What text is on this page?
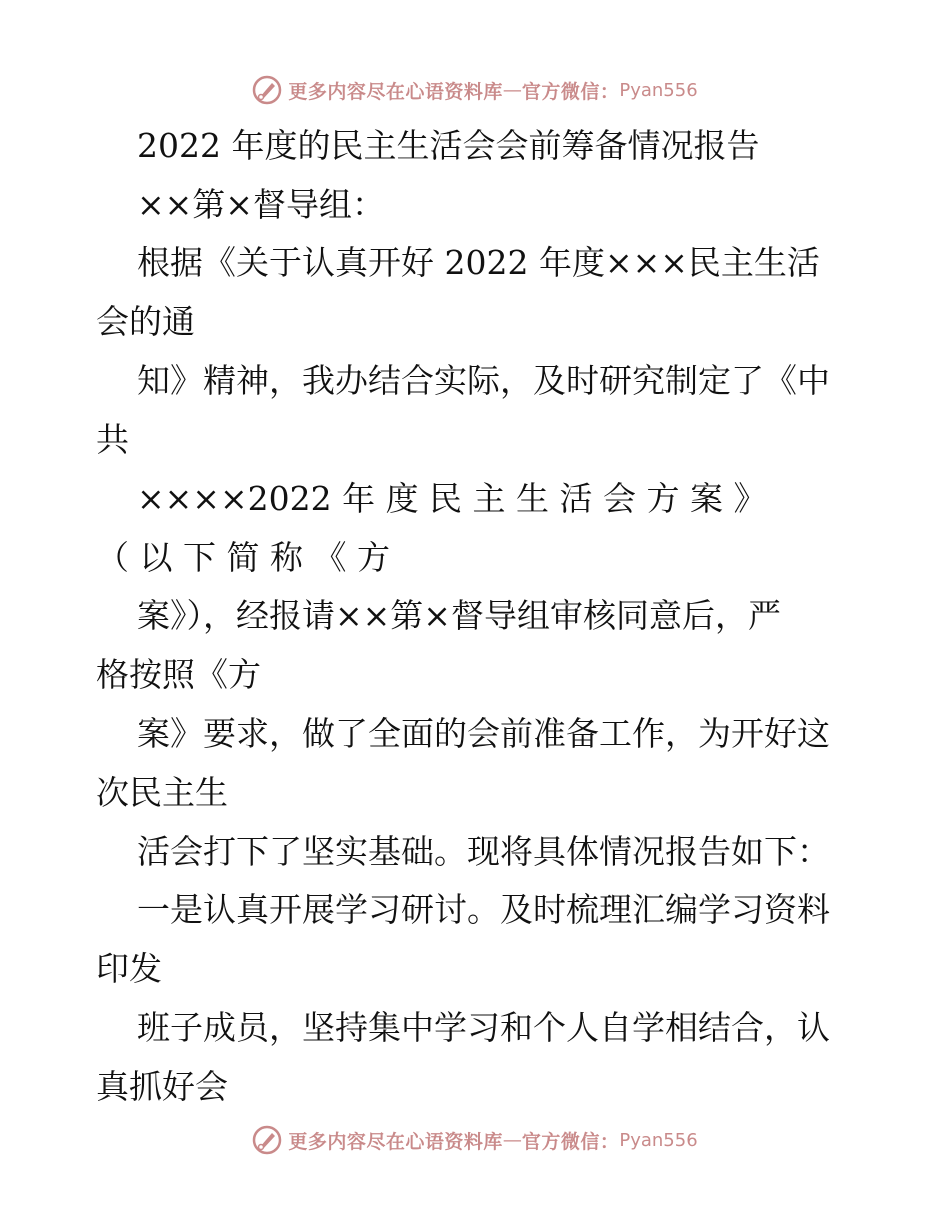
更多内容尽在心语资料库 — 官方微信： Pyan556
2022 年度的民主生活会会前筹备情况报告
××第×督导组：
根据《关于认真开好 2022 年度×××民主生活
会的通
知》精神，我办结合实际，及时研究制定了《中
共
××××2022 年 度 民 主 生 活 会 方 案 》
（ 以 下 简 称 《 方
案》），经报请××第×督导组审核同意后，严
格按照《方
案》要求，做了全面的会前准备工作，为开好这
次民主生
活会打下了坚实基础。现将具体情况报告如下：
一是认真开展学习研讨。及时梳理汇编学习资料
印发
班子成员，坚持集中学习和个人自学相结合，认
真抓好会
更多内容尽在心语资料库 — 官方微信： Pyan556
